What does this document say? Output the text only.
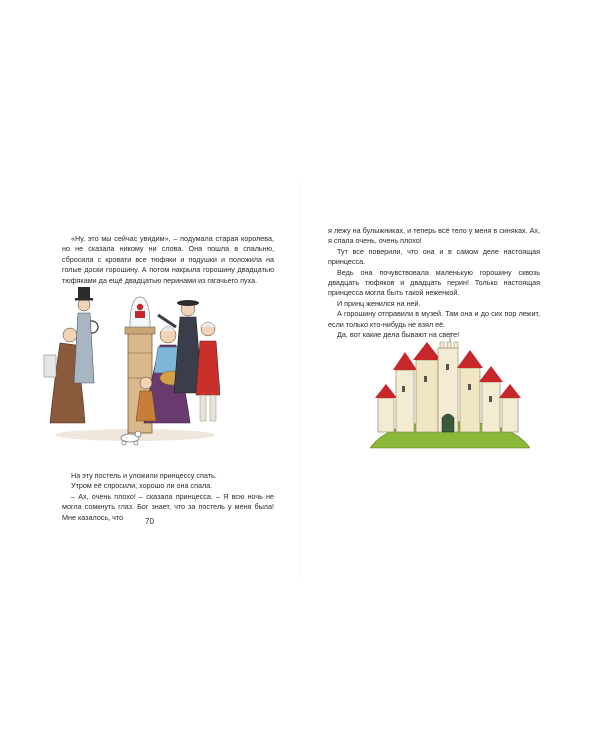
«Ну, это мы сейчас увидим», – подумала старая королева, но не сказала никому ни слова. Она пошла в спальню, сбросила с кровати все тюфяки и подушки и положила на голые доски горошину. А потом накрыла горошину двадцатью тюфяками да ещё двадцатью перинами из гагачьего пуха.

На эту постель и уложили принцессу спать.

Утром её спросили, хорошо ли она спала.

– Ах, очень плохо! – сказала принцесса. – Я всю ночь не могла сомкнуть глаз. Бог знает, что за постель у меня была! Мне казалось, что	70

я лежу на булыжниках, и теперь всё тело у меня в синяках. Ах, я спала очень, очень плохо!

Тут все поверили, что она и в самом деле настоящая принцесса.

Ведь она почувствовала маленькую горошину сквозь двадцать тюфяков и двадцать перин! Только настоящая принцесса могла быть такой неженкой.

И принц женился на ней.

А горошину отправили в музей. Там она и до сих пор лежит, если только кто-нибудь не взял её.

Да, вот какие дела бывают на свете!
